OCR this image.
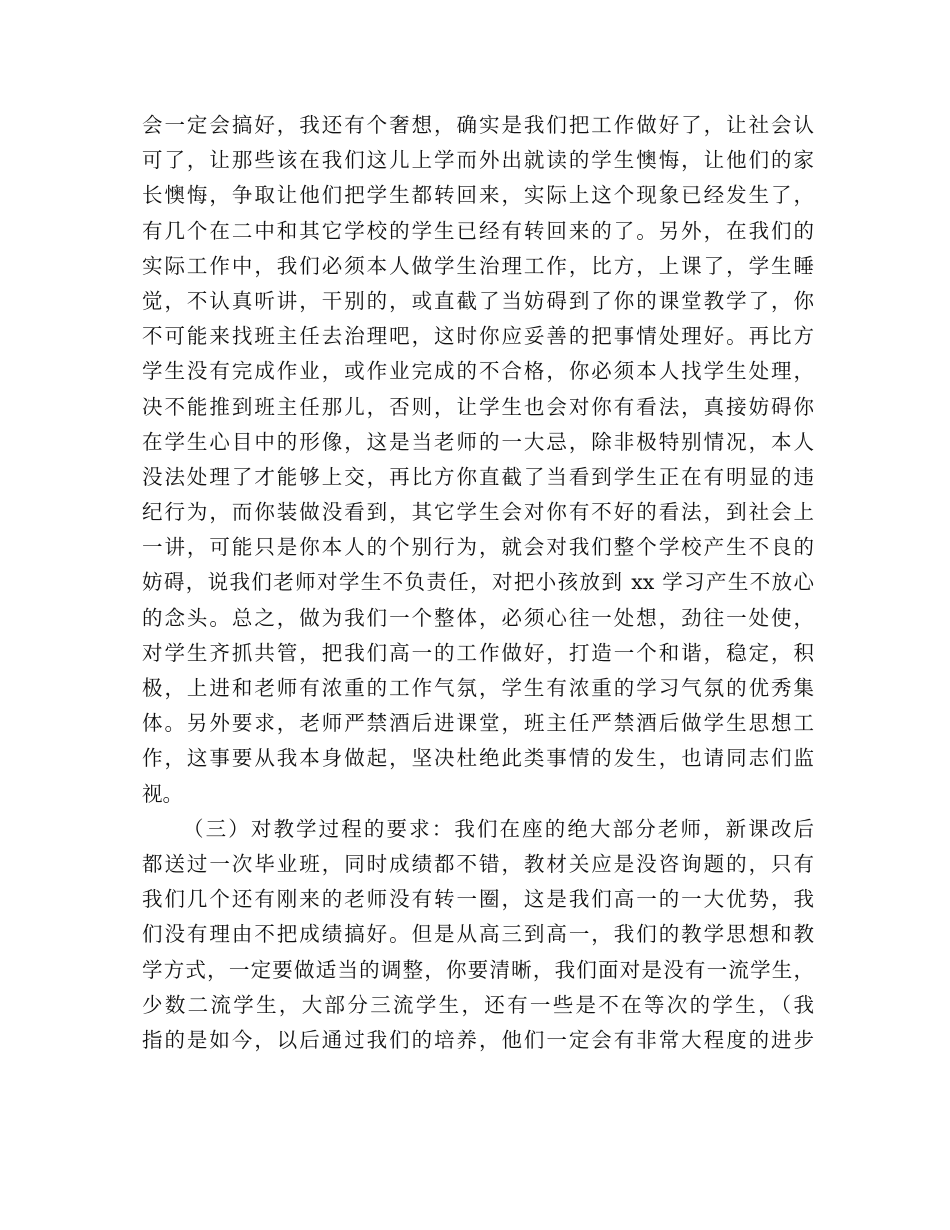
会一定会搞好，我还有个奢想，确实是我们把工作做好了，让社会认
可了，让那些该在我们这儿上学而外出就读的学生懊悔，让他们的家
长懊悔，争取让他们把学生都转回来，实际上这个现象已经发生了，
有几个在二中和其它学校的学生已经有转回来的了。另外，在我们的
实际工作中，我们必须本人做学生治理工作，比方，上课了，学生睡
觉，不认真听讲，干别的，或直截了当妨碍到了你的课堂教学了，你
不可能来找班主任去治理吧，这时你应妥善的把事情处理好。再比方
学生没有完成作业，或作业完成的不合格，你必须本人找学生处理，
决不能推到班主任那儿，否则，让学生也会对你有看法，真接妨碍你
在学生心目中的形像，这是当老师的一大忌，除非极特别情况，本人
没法处理了才能够上交，再比方你直截了当看到学生正在有明显的违
纪行为，而你装做没看到，其它学生会对你有不好的看法，到社会上
一讲，可能只是你本人的个别行为，就会对我们整个学校产生不良的
妨碍，说我们老师对学生不负责任，对把小孩放到 xx 学习产生不放心
的念头。总之，做为我们一个整体，必须心往一处想，劲往一处使，
对学生齐抓共管，把我们高一的工作做好，打造一个和谐，稳定，积
极，上进和老师有浓重的工作气氛，学生有浓重的学习气氛的优秀集
体。另外要求，老师严禁酒后进课堂，班主任严禁酒后做学生思想工
作，这事要从我本身做起，坚决杜绝此类事情的发生，也请同志们监
视。
（三）对教学过程的要求：我们在座的绝大部分老师，新课改后
都送过一次毕业班，同时成绩都不错，教材关应是没咨询题的，只有
我们几个还有刚来的老师没有转一圈，这是我们高一的一大优势，我
们没有理由不把成绩搞好。但是从高三到高一，我们的教学思想和教
学方式，一定要做适当的调整，你要清晰，我们面对是没有一流学生，
少数二流学生，大部分三流学生，还有一些是不在等次的学生，（我
指的是如今，以后通过我们的培养，他们一定会有非常大程度的进步
